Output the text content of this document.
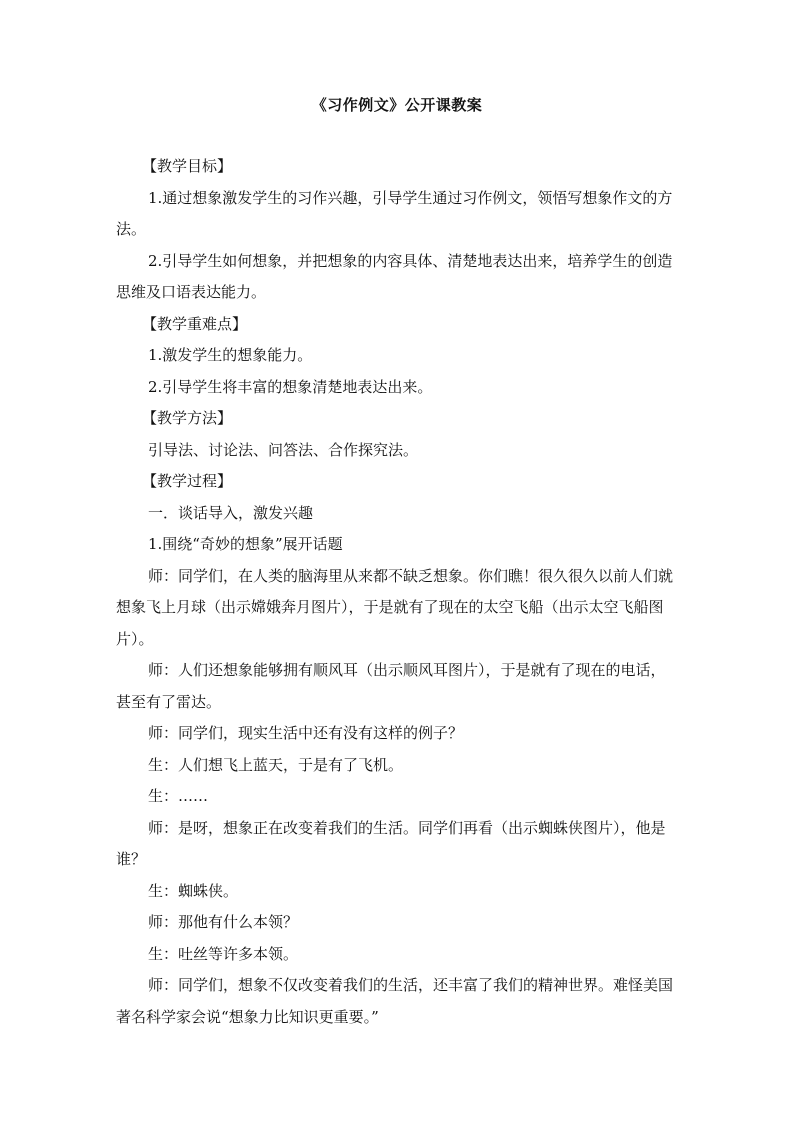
《习作例文》公开课教案

【教学目标】

1.通过想象激发学生的习作兴趣，引导学生通过习作例文，领悟写想象作文的方法。

2.引导学生如何想象，并把想象的内容具体、清楚地表达出来，培养学生的创造思维及口语表达能力。

【教学重难点】

1.激发学生的想象能力。

2.引导学生将丰富的想象清楚地表达出来。

【教学方法】

引导法、讨论法、问答法、合作探究法。

【教学过程】

一．谈话导入，激发兴趣

1.围绕“奇妙的想象”展开话题

师：同学们，在人类的脑海里从来都不缺乏想象。你们瞧！很久很久以前人们就想象飞上月球（出示嫦娥奔月图片），于是就有了现在的太空飞船（出示太空飞船图片）。

师：人们还想象能够拥有顺风耳（出示顺风耳图片），于是就有了现在的电话，甚至有了雷达。

师：同学们，现实生活中还有没有这样的例子？

生：人们想飞上蓝天，于是有了飞机。

生：……

师：是呀，想象正在改变着我们的生活。同学们再看（出示蜘蛛侠图片），他是谁？

生：蜘蛛侠。

师：那他有什么本领？

生：吐丝等许多本领。

师：同学们，想象不仅改变着我们的生活，还丰富了我们的精神世界。难怪美国著名科学家会说“想象力比知识更重要。”
